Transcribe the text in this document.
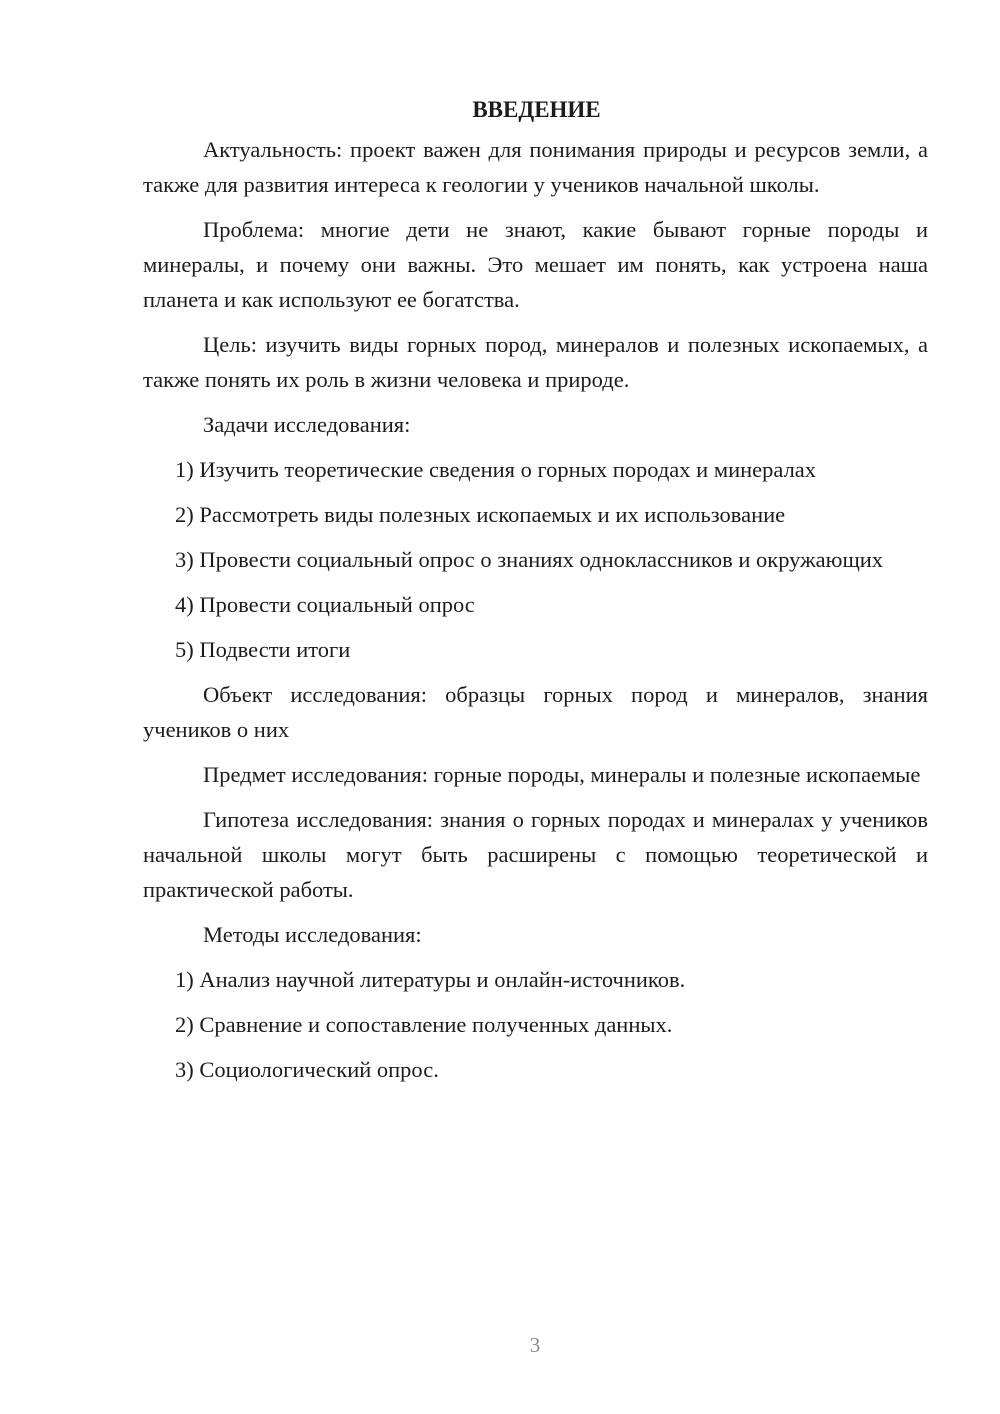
ВВЕДЕНИЕ

Актуальность: проект важен для понимания природы и ресурсов земли, а также для развития интереса к геологии у учеников начальной школы.

Проблема: многие дети не знают, какие бывают горные породы и минералы, и почему они важны. Это мешает им понять, как устроена наша планета и как используют ее богатства.

Цель: изучить виды горных пород, минералов и полезных ископаемых, а также понять их роль в жизни человека и природе.

Задачи исследования:

1) Изучить теоретические сведения о горных породах и минералах

2) Рассмотреть виды полезных ископаемых и их использование

3) Провести социальный опрос о знаниях одноклассников и окружающих

4) Провести социальный опрос

5) Подвести итоги

Объект исследования: образцы горных пород и минералов, знания учеников о них

Предмет исследования: горные породы, минералы и полезные ископаемые

Гипотеза исследования: знания о горных породах и минералах у учеников начальной школы могут быть расширены с помощью теоретической и практической работы.

Методы исследования:

1) Анализ научной литературы и онлайн-источников.

2) Сравнение и сопоставление полученных данных.

3) Социологический опрос.

3
